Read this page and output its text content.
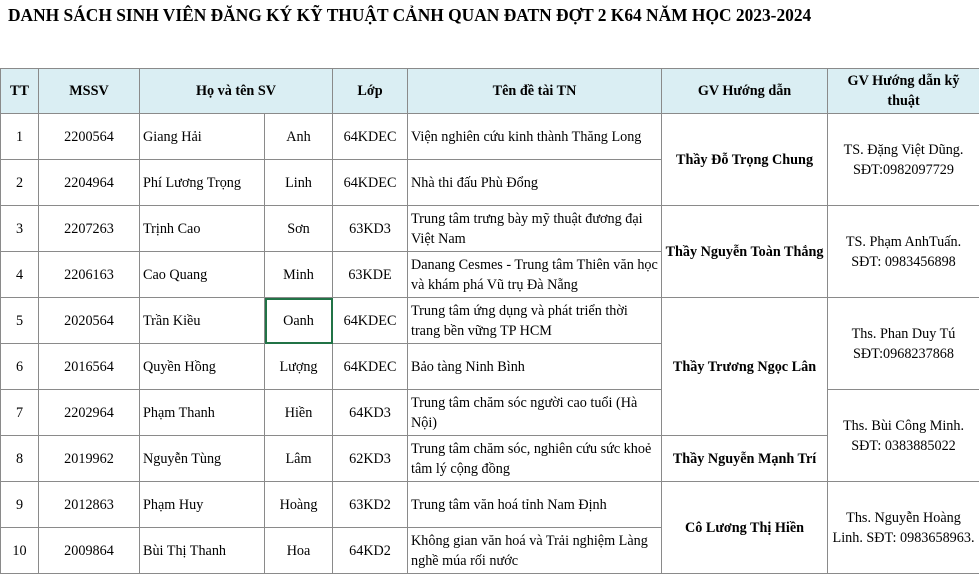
DANH SÁCH SINH VIÊN ĐĂNG KÝ KỸ THUẬT CẢNH QUAN ĐATN ĐỢT 2 K64 NĂM HỌC 2023-2024
TT	MSSV	Họ và tên SV		Lớp	Tên đề tài TN	GV Hướng dẫn	GV Hướng dẫn kỹ thuật
1	2200564	Giang Hải	Anh	64KDEC	Viện nghiên cứu kinh thành Thăng Long	Thầy Đỗ Trọng Chung	TS. Đặng Việt Dũng. SĐT:0982097729
2	2204964	Phí Lương Trọng	Linh	64KDEC	Nhà thi đấu Phù Đổng		
3	2207263	Trịnh Cao	Sơn	63KD3	Trung tâm trưng bày mỹ thuật đương đại Việt Nam	Thầy Nguyễn Toàn Thắng	TS. Phạm AnhTuấn. SĐT: 0983456898
4	2206163	Cao Quang	Minh	63KDE	Danang Cesmes - Trung tâm Thiên văn học và khám phá Vũ trụ Đà Nẵng		
5	2020564	Trần Kiều	Oanh	64KDEC	Trung tâm ứng dụng và phát triển thời trang bền vững TP HCM	Thầy Trương Ngọc Lân	Ths. Phan Duy Tú SĐT:0968237868
6	2016564	Quyền Hồng	Lượng	64KDEC	Bảo tàng Ninh Bình		
7	2202964	Phạm Thanh	Hiền	64KD3	Trung tâm chăm sóc người cao tuổi (Hà Nội)		Ths. Bùi Công Minh. SĐT: 0383885022
8	2019962	Nguyễn Tùng	Lâm	62KD3	Trung tâm chăm sóc, nghiên cứu sức khoẻ tâm lý cộng đồng	Thầy Nguyễn Mạnh Trí	
9	2012863	Phạm Huy	Hoàng	63KD2	Trung tâm văn hoá tỉnh Nam Định	Cô Lương Thị Hiền	Ths. Nguyễn Hoàng Linh. SĐT: 0983658963.
10	2009864	Bùi Thị Thanh	Hoa	64KD2	Không gian văn hoá và Trải nghiệm Làng nghề múa rối nước		
